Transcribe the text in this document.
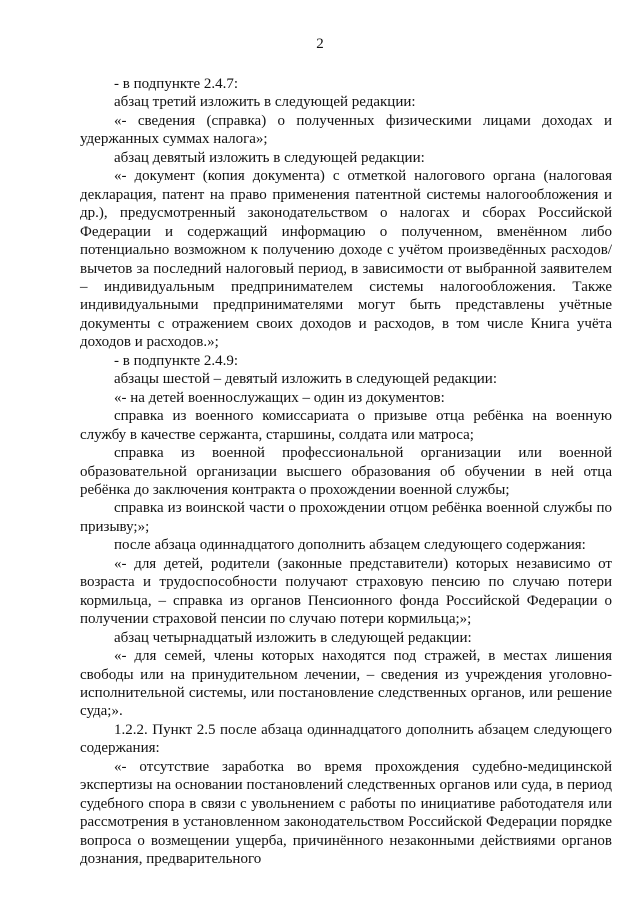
2

- в подпункте 2.4.7:

абзац третий изложить в следующей редакции:

«- сведения (справка) о полученных физическими лицами доходах и удержанных суммах налога»;

абзац девятый изложить в следующей редакции:

«- документ (копия документа) с отметкой налогового органа (налоговая декларация, патент на право применения патентной системы налогообложения и др.), предусмотренный законодательством о налогах и сборах Российской Федерации и содержащий информацию о полученном, вменённом либо потенциально возможном к получению доходе с учётом произведённых расходов/ вычетов за последний налоговый период, в зависимости от выбранной заявителем – индивидуальным предпринимателем системы налогообложения. Также индивидуальными предпринимателями могут быть представлены учётные документы с отражением своих доходов и расходов, в том числе Книга учёта доходов и расходов.»;

- в подпункте 2.4.9:

абзацы шестой – девятый изложить в следующей редакции:

«- на детей военнослужащих – один из документов:

справка из военного комиссариата о призыве отца ребёнка на военную службу в качестве сержанта, старшины, солдата или матроса;

справка из военной профессиональной организации или военной образовательной организации высшего образования об обучении в ней отца ребёнка до заключения контракта о прохождении военной службы;

справка из воинской части о прохождении отцом ребёнка военной службы по призыву;»;

после абзаца одиннадцатого дополнить абзацем следующего содержания:

«- для детей, родители (законные представители) которых независимо от возраста и трудоспособности получают страховую пенсию по случаю потери кормильца, – справка из органов Пенсионного фонда Российской Федерации о получении страховой пенсии по случаю потери кормильца;»;

абзац четырнадцатый изложить в следующей редакции:

«- для семей, члены которых находятся под стражей, в местах лишения свободы или на принудительном лечении, – сведения из учреждения уголовно-исполнительной системы, или постановление следственных органов, или решение суда;».

1.2.2. Пункт 2.5 после абзаца одиннадцатого дополнить абзацем следующего содержания:

«- отсутствие заработка во время прохождения судебно-медицинской экспертизы на основании постановлений следственных органов или суда, в период судебного спора в связи с увольнением с работы по инициативе работодателя или рассмотрения в установленном законодательством Российской Федерации порядке вопроса о возмещении ущерба, причинённого незаконными действиями органов дознания, предварительного
